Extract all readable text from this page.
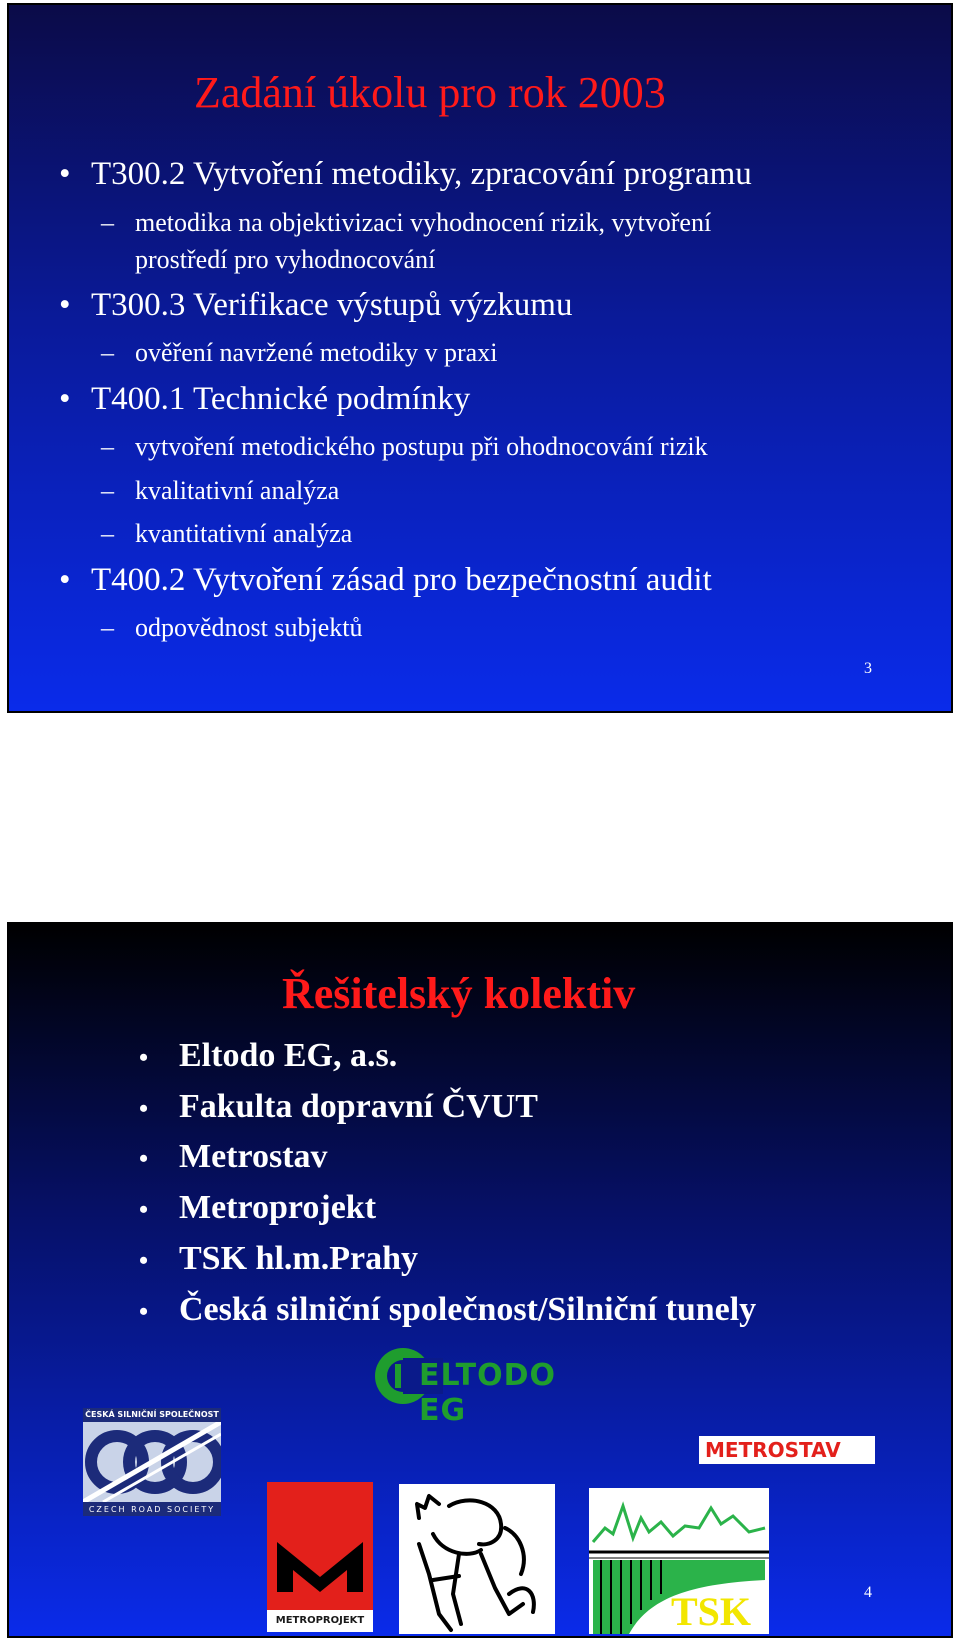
Zadání úkolu pro rok 2003
• T300.2 Vytvoření metodiky, zpracování programu
– metodika na objektivizaci vyhodnocení rizik, vytvoření
prostředí pro vyhodnocování
• T300.3 Verifikace výstupů výzkumu
– ověření navržené metodiky v praxi
• T400.1 Technické podmínky
– vytvoření metodického postupu při ohodnocování rizik
– kvalitativní analýza
– kvantitativní analýza
• T400.2 Vytvoření zásad pro bezpečnostní audit
– odpovědnost subjektů
3
Řešitelský kolektiv
• Eltodo EG, a.s.
• Fakulta dopravní ČVUT
• Metrostav
• Metroprojekt
• TSK hl.m.Prahy
• Česká silniční společnost/Silniční tunely
ELTODO EG
ČESKÁ SILNIČNÍ SPOLEČNOST
CZECH ROAD SOCIETY
METROSTAV
METROPROJEKT	TSK	4
